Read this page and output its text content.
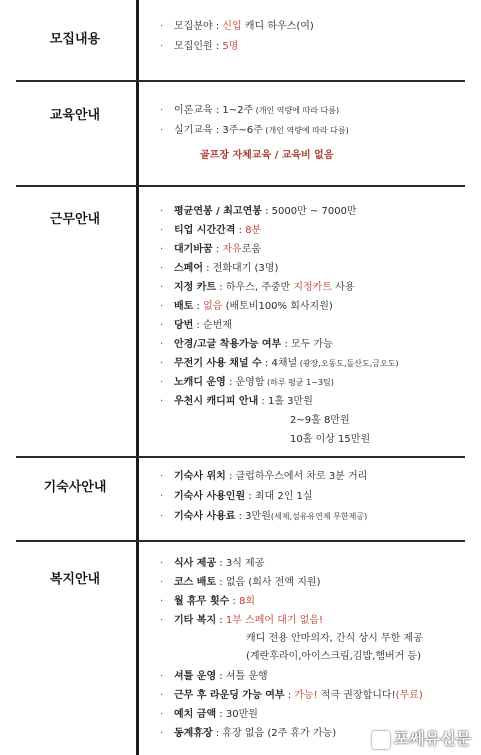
모집내용
· 모집분야 : 신입 캐디 하우스(여)
· 모집인원 : 5명
교육안내	· 이론교육 : 1~2주 (개인 역량에 따라 다름)
· 실기교육 : 3주~6주 (개인 역량에 따라 다름)
골프장 자체교육 / 교육비 없음
근무안내
· 평균연봉 / 최고연봉 : 5000만 ~ 7000만
· 티업 시간간격 : 8분
· 대기바꿈 : 자유로움
· 스페어 : 전화대기 (3명)
· 지정 카트 : 하우스, 주중반 지정카트 사용
· 배토 : 없음 (배토비100% 회사지원)
· 당번 : 순번제
· 안경/고글 착용가능 여부 : 모두 가능
· 무전기 사용 채널 수 : 4채널 (광장,오동도,돌산도,금오도)
· 노캐디 운영 : 운영함 (하루 평균 1~3팀)
· 우천시 캐디피 안내 : 1홀 3만원
2~9홀 8만원
10홀 이상 15만원
기숙사안내
· 기숙사 위치 : 클럽하우스에서 차로 3분 거리
· 기숙사 사용인원 : 최대 2인 1실
· 기숙사 사용료 : 3만원(세제,섬유유연제 무한제공)
복지안내
· 식사 제공 : 3식 제공
· 코스 배토 : 없음 (회사 전액 지원)
· 월 휴무 횟수 : 8회
· 기타 복지 : 1부 스페어 대기 없음!
캐디 전용 안마의자, 간식 상시 무한 제공
(계란후라이,아이스크림,김밥,햄버거 등)
· 셔틀 운영 : 셔틀 운행
· 근무 후 라운딩 가능 여부 : 가능! 적극 권장합니다!(무료)
· 예치 금액 : 30만원
· 동계휴장 : 휴장 없음 (2주 휴가 가능)	포쎄유신문
